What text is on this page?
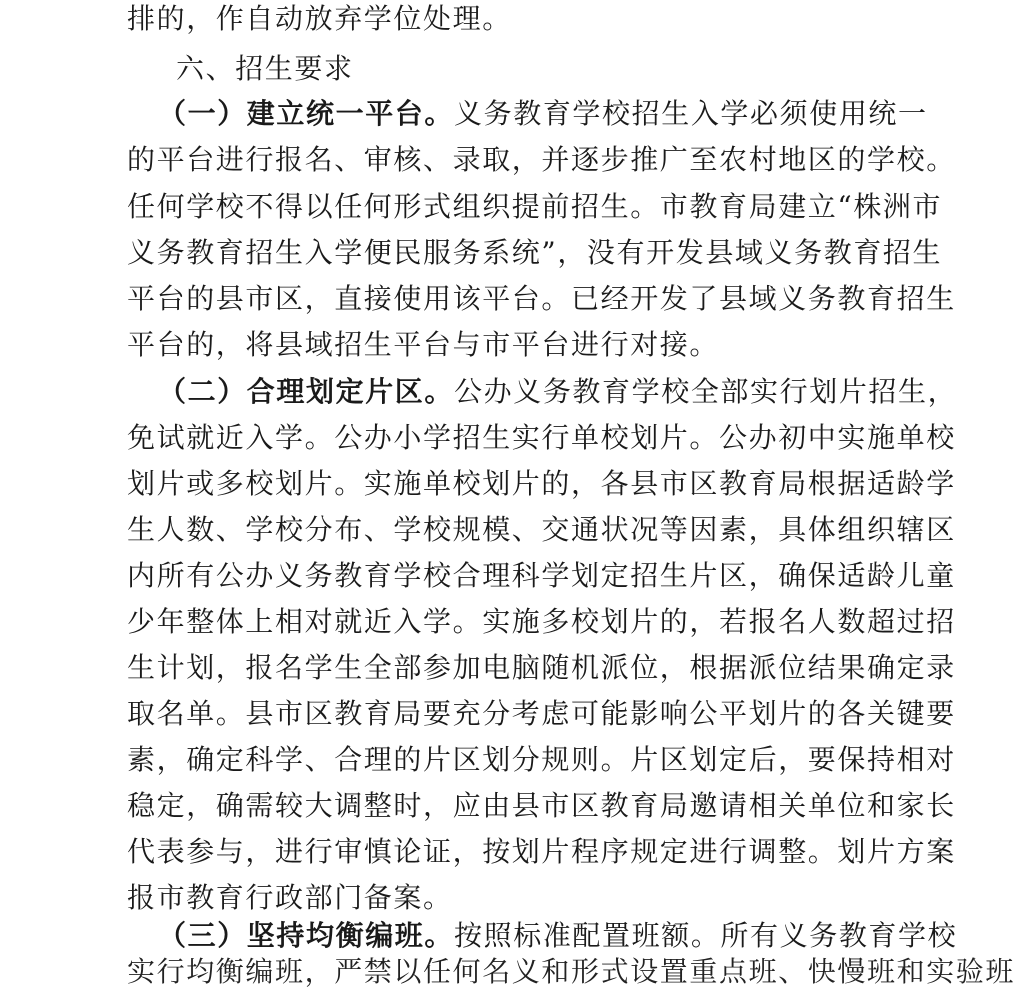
排的，作自动放弃学位处理。
六、招生要求
（一）建立统一平台。义务教育学校招生入学必须使用统一
的平台进行报名、审核、录取，并逐步推广至农村地区的学校。
任何学校不得以任何形式组织提前招生。市教育局建立“株洲市
义务教育招生入学便民服务系统”，没有开发县域义务教育招生
平台的县市区，直接使用该平台。已经开发了县域义务教育招生
平台的，将县域招生平台与市平台进行对接。
（二）合理划定片区。公办义务教育学校全部实行划片招生，
免试就近入学。公办小学招生实行单校划片。公办初中实施单校
划片或多校划片。实施单校划片的，各县市区教育局根据适龄学
生人数、学校分布、学校规模、交通状况等因素，具体组织辖区
内所有公办义务教育学校合理科学划定招生片区，确保适龄儿童
少年整体上相对就近入学。实施多校划片的，若报名人数超过招
生计划，报名学生全部参加电脑随机派位，根据派位结果确定录
取名单。县市区教育局要充分考虑可能影响公平划片的各关键要
素，确定科学、合理的片区划分规则。片区划定后，要保持相对
稳定，确需较大调整时，应由县市区教育局邀请相关单位和家长
代表参与，进行审慎论证，按划片程序规定进行调整。划片方案
报市教育行政部门备案。
（三）坚持均衡编班。按照标准配置班额。所有义务教育学校
实行均衡编班，严禁以任何名义和形式设置重点班、快慢班和实验班
